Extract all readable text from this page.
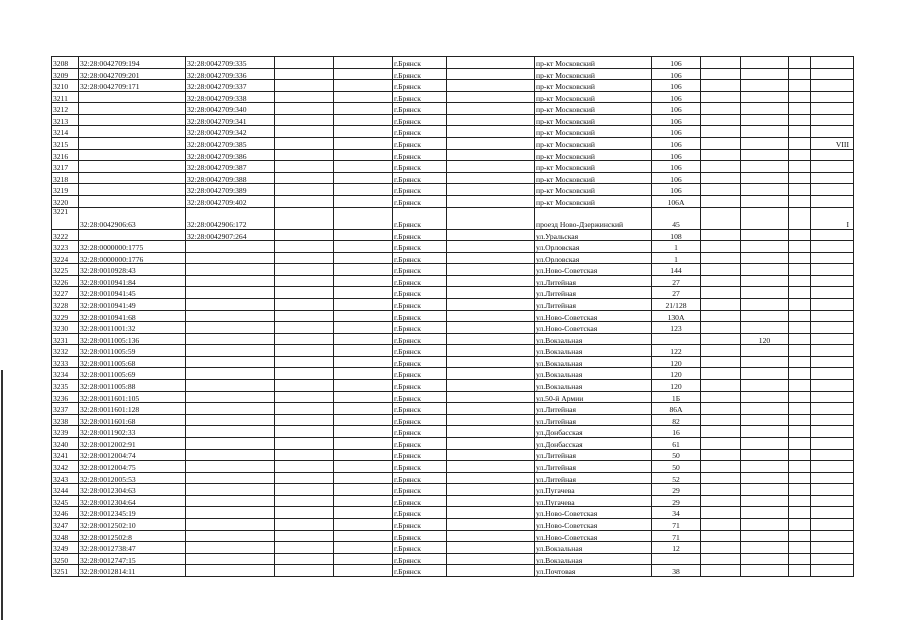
3208	32:28:0042709:194	32:28:0042709:335			г.Брянск		пр-кт Московский	106				
3209	32:28:0042709:201	32:28:0042709:336			г.Брянск		пр-кт Московский	106				
3210	32:28:0042709:171	32:28:0042709:337			г.Брянск		пр-кт Московский	106				
3211		32:28:0042709:338			г.Брянск		пр-кт Московский	106				
3212		32:28:0042709:340			г.Брянск		пр-кт Московский	106				
3213		32:28:0042709:341			г.Брянск		пр-кт Московский	106				
3214		32:28:0042709:342			г.Брянск		пр-кт Московский	106				
3215		32:28:0042709:385			г.Брянск		пр-кт Московский	106				VIII
3216		32:28:0042709:386			г.Брянск		пр-кт Московский	106				
3217		32:28:0042709:387			г.Брянск		пр-кт Московский	106				
3218		32:28:0042709:388			г.Брянск		пр-кт Московский	106				
3219		32:28:0042709:389			г.Брянск		пр-кт Московский	106				
3220		32:28:0042709:402			г.Брянск		пр-кт Московский	106А				
3221	32:28:0042906:63	32:28:0042906:172			г.Брянск		проезд Ново-Дзержинский	45				I
3222		32:28:0042907:264			г.Брянск		ул.Уральская	108				
3223	32:28:0000000:1775				г.Брянск		ул.Орловская	1				
3224	32:28:0000000:1776				г.Брянск		ул.Орловская	1				
3225	32:28:0010928:43				г.Брянск		ул.Ново-Советская	144				
3226	32:28:0010941:84				г.Брянск		ул.Литейная	27				
3227	32:28:0010941:45				г.Брянск		ул.Литейная	27				
3228	32:28:0010941:49				г.Брянск		ул.Литейная	21/128				
3229	32:28:0010941:68				г.Брянск		ул.Ново-Советская	130А				
3230	32:28:0011001:32				г.Брянск		ул.Ново-Советская	123				
3231	32:28:0011005:136				г.Брянск		ул.Вокзальная			120		
3232	32:28:0011005:59				г.Брянск		ул.Вокзальная	122				
3233	32:28:0011005:68				г.Брянск		ул.Вокзальная	120				
3234	32:28:0011005:69				г.Брянск		ул.Вокзальная	120				
3235	32:28:0011005:88				г.Брянск		ул.Вокзальная	120				
3236	32:28:0011601:105				г.Брянск		ул.50-й Армии	1Б				
3237	32:28:0011601:128				г.Брянск		ул.Литейная	86А				
3238	32:28:0011601:68				г.Брянск		ул.Литейная	82				
3239	32:28:0011902:33				г.Брянск		ул.Донбасская	16				
3240	32:28:0012002:91				г.Брянск		ул.Донбасская	61				
3241	32:28:0012004:74				г.Брянск		ул.Литейная	50				
3242	32:28:0012004:75				г.Брянск		ул.Литейная	50				
3243	32:28:0012005:53				г.Брянск		ул.Литейная	52				
3244	32:28:0012304:63				г.Брянск		ул.Пугачева	29				
3245	32:28:0012304:64				г.Брянск		ул.Пугачева	29				
3246	32:28:0012345:19				г.Брянск		ул.Ново-Советская	34				
3247	32:28:0012502:10				г.Брянск		ул.Ново-Советская	71				
3248	32:28:0012502:8				г.Брянск		ул.Ново-Советская	71				
3249	32:28:0012738:47				г.Брянск		ул.Вокзальная	12				
3250	32:28:0012747:15				г.Брянск		ул.Вокзальная					
3251	32:28:0012814:11				г.Брянск		ул.Почтовая	38				
